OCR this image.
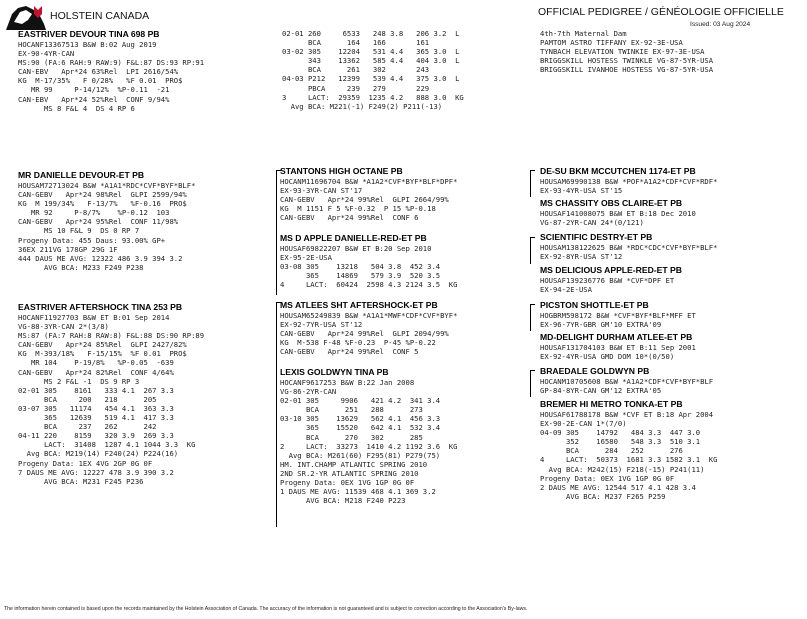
HOLSTEIN CANADA	OFFICIAL PEDIGREE / GÉNÉOLOGIE OFFICIELLE
Issued: 03 Aug 2024
EASTRIVER DEVOUR TINA 698 PB
HOCANF13367513 B&W B:02 Aug 2019
EX-90-4YR-CAN
MS:90 (FA:6 RAH:9 RAW:9) F&L:87 DS:93 RP:91
CAN-EBV   Apr*24 63%Rel  LPI 2616/54%
KG  M-17/35%   F 0/28%   %F 0.01  PRO$
MR 99     P-14/12%  %P-0.11  -21
CAN-EBV   Apr*24 52%Rel  CONF 9/94%
MS 8 F&L 4  DS 4 RP 6
02-01 260     6533   248 3.8   206 3.2  L
BCA      164   166       161
03-02 305    12204   531 4.4   365 3.0  L
343    13362   585 4.4   404 3.0  L
BCA      261   302       243
04-03 P212   12399   539 4.4   375 3.0  L
PBCA     239   279       229
3     LACT:  29359  1235 4.2   888 3.0  KG
Avg BCA: M221(-1) F249(2) P211(-13)
4th-7th Maternal Dam
PAMTOM ASTRO TIFFANY EX-92-3E-USA
TYNBACH ELEVATION TWINKIE EX-97-3E-USA
BRIGGSKILL HOSTESS TWINKLE VG-87-5YR-USA
BRIGGSKILL IVANHOE HOSTESS VG-87-5YR-USA
MR DANIELLE DEVOUR-ET PB
HOUSAM72713024 B&W *A1A1*RDC*CVF*BYF*BLF*
CAN-GEBV   Apr*24 98%Rel  GLPI 2599/94%
KG  M 199/34%   F-13/7%   %F-0.16  PRO$
MR 92     P-8/7%    %P-0.12  103
CAN-GEBV   Apr*24 95%Rel  CONF 11/98%
MS 10 F&L 9  DS 0 RP 7
Progeny Data: 455 Daus: 93.00% GP+
36EX 211VG 178GP 29G 1F
444 DAUS ME AVG: 12322 486 3.9 394 3.2
AVG BCA: M233 F249 P238
EASTRIVER AFTERSHOCK TINA 253 PB
HOCANF11927703 B&W ET B:01 Sep 2014
VG-88-3YR-CAN 2*(3/8)
MS:87 (FA:7 RAH:8 RAW:8) F&L:88 DS:90 RP:89
CAN-GEBV   Apr*24 85%Rel  GLPI 2427/82%
KG  M-393/18%   F-15/15%  %F 0.01  PRO$
MR 104    P-19/8%   %P-0.05  -639
CAN-GEBV   Apr*24 82%Rel  CONF 4/64%
MS 2 F&L -1  DS 9 RP 3
02-01 305    8161   333 4.1  267 3.3
BCA     200   218      205
03-07 305   11174   454 4.1  363 3.3
365   12639   519 4.1  417 3.3
BCA     237   262      242
04-11 220    8159   320 3.9  269 3.3
LACT:  31408  1287 4.1 1044 3.3  KG
Avg BCA: M219(14) F240(24) P224(16)
Progeny Data: 1EX 4VG 2GP 0G 0F
7 DAUS ME AVG: 12227 478 3.9 390 3.2
AVG BCA: M231 F245 P236
STANTONS HIGH OCTANE PB
HOCANM11696704 B&W *A1A2*CVF*BYF*BLF*DPF*
EX-93-3YR-CAN ST'17
CAN-GEBV   Apr*24 99%Rel  GLPI 2664/99%
KG  M 1151 F 5 %F-0.32  P 15 %P-0.18
CAN-GEBV   Apr*24 99%Rel  CONF 6
MS D APPLE DANIELLE-RED-ET PB
HOUSAF69822207 B&W ET B:20 Sep 2010
EX-95-2E-USA
03-08 305    13218   504 3.8  452 3.4
365    14869   579 3.9  520 3.5
4     LACT:  60424  2598 4.3 2124 3.5  KG
MS ATLEES SHT AFTERSHOCK-ET PB
HOUSAM65249839 B&W *A1A1*MWF*CDF*CVF*BYF*
EX-92-7YR-USA ST'12
CAN-GEBV   Apr*24 99%Rel  GLPI 2094/99%
KG  M-538 F-48 %F-0.23  P-45 %P-0.22
CAN-GEBV   Apr*24 99%Rel  CONF 5
LEXIS GOLDWYN TINA PB
HOCANF9617253 B&W B:22 Jan 2008
VG-86-2YR-CAN
02-01 305     9906   421 4.2  341 3.4
BCA      251   288      273
03-10 305    13629   562 4.1  456 3.3
365    15520   642 4.1  532 3.4
BCA      270   302      285
2     LACT:  33273  1410 4.2 1192 3.6  KG
Avg BCA: M261(60) F295(81) P279(75)
HM. INT.CHAMP ATLANTIC SPRING 2010
2ND SR.2-YR ATLANTIC SPRING 2010
Progeny Data: 0EX 1VG 1GP 0G 0F
1 DAUS ME AVG: 11539 468 4.1 369 3.2
AVG BCA: M218 F240 P223
DE-SU BKM MCCUTCHEN 1174-ET PB
HOUSAM69990138 B&W *POF*A1A2*CDF*CVF*RDF*
EX-93-4YR-USA ST'15
MS CHASSITY OBS CLAIRE-ET PB
HOUSAF141008075 B&W ET B:18 Dec 2010
VG-87-2YR-CAN 24*(0/121)
SCIENTIFIC DESTRY-ET PB
HOUSAM138122625 B&W *RDC*CDC*CVF*BYF*BLF*
EX-92-8YR-USA ST'12
MS DELICIOUS APPLE-RED-ET PB
HOUSAF139236776 B&W *CVF*DPF ET
EX-94-2E-USA
PICSTON SHOTTLE-ET PB
HOGBRM598172 B&W *CVF*BYF*BLF*MFF ET
EX-96-7YR-GBR GM'10 EXTRA'09
MD-DELIGHT DURHAM ATLEE-ET PB
HOUSAF131704103 B&W ET B:11 Sep 2001
EX-92-4YR-USA GMD DOM 10*(0/50)
BRAEDALE GOLDWYN PB
HOCANM10705608 B&W *A1A2*CDF*CVF*BYF*BLF
GP-84-8YR-CAN GM'12 EXTRA'05
BREMER HI METRO TONKA-ET PB
HOUSAF61788178 B&W *CVF ET B:18 Apr 2004
EX-90-2E-CAN 1*(7/0)
04-09 305    14792   484 3.3  447 3.0
352    16580   548 3.3  510 3.1
BCA      284   252      276
4     LACT:  50373  1681 3.3 1582 3.1  KG
Avg BCA: M242(15) F218(-15) P241(11)
Progeny Data: 0EX 1VG 1GP 0G 0F
2 DAUS ME AVG: 12544 517 4.1 428 3.4
AVG BCA: M237 F265 P259
The information herein contained is based upon the records maintained by the Holstein Association of Canada. The accuracy of the information is not guaranteed and is subject to correction according to the Association's By-laws.
